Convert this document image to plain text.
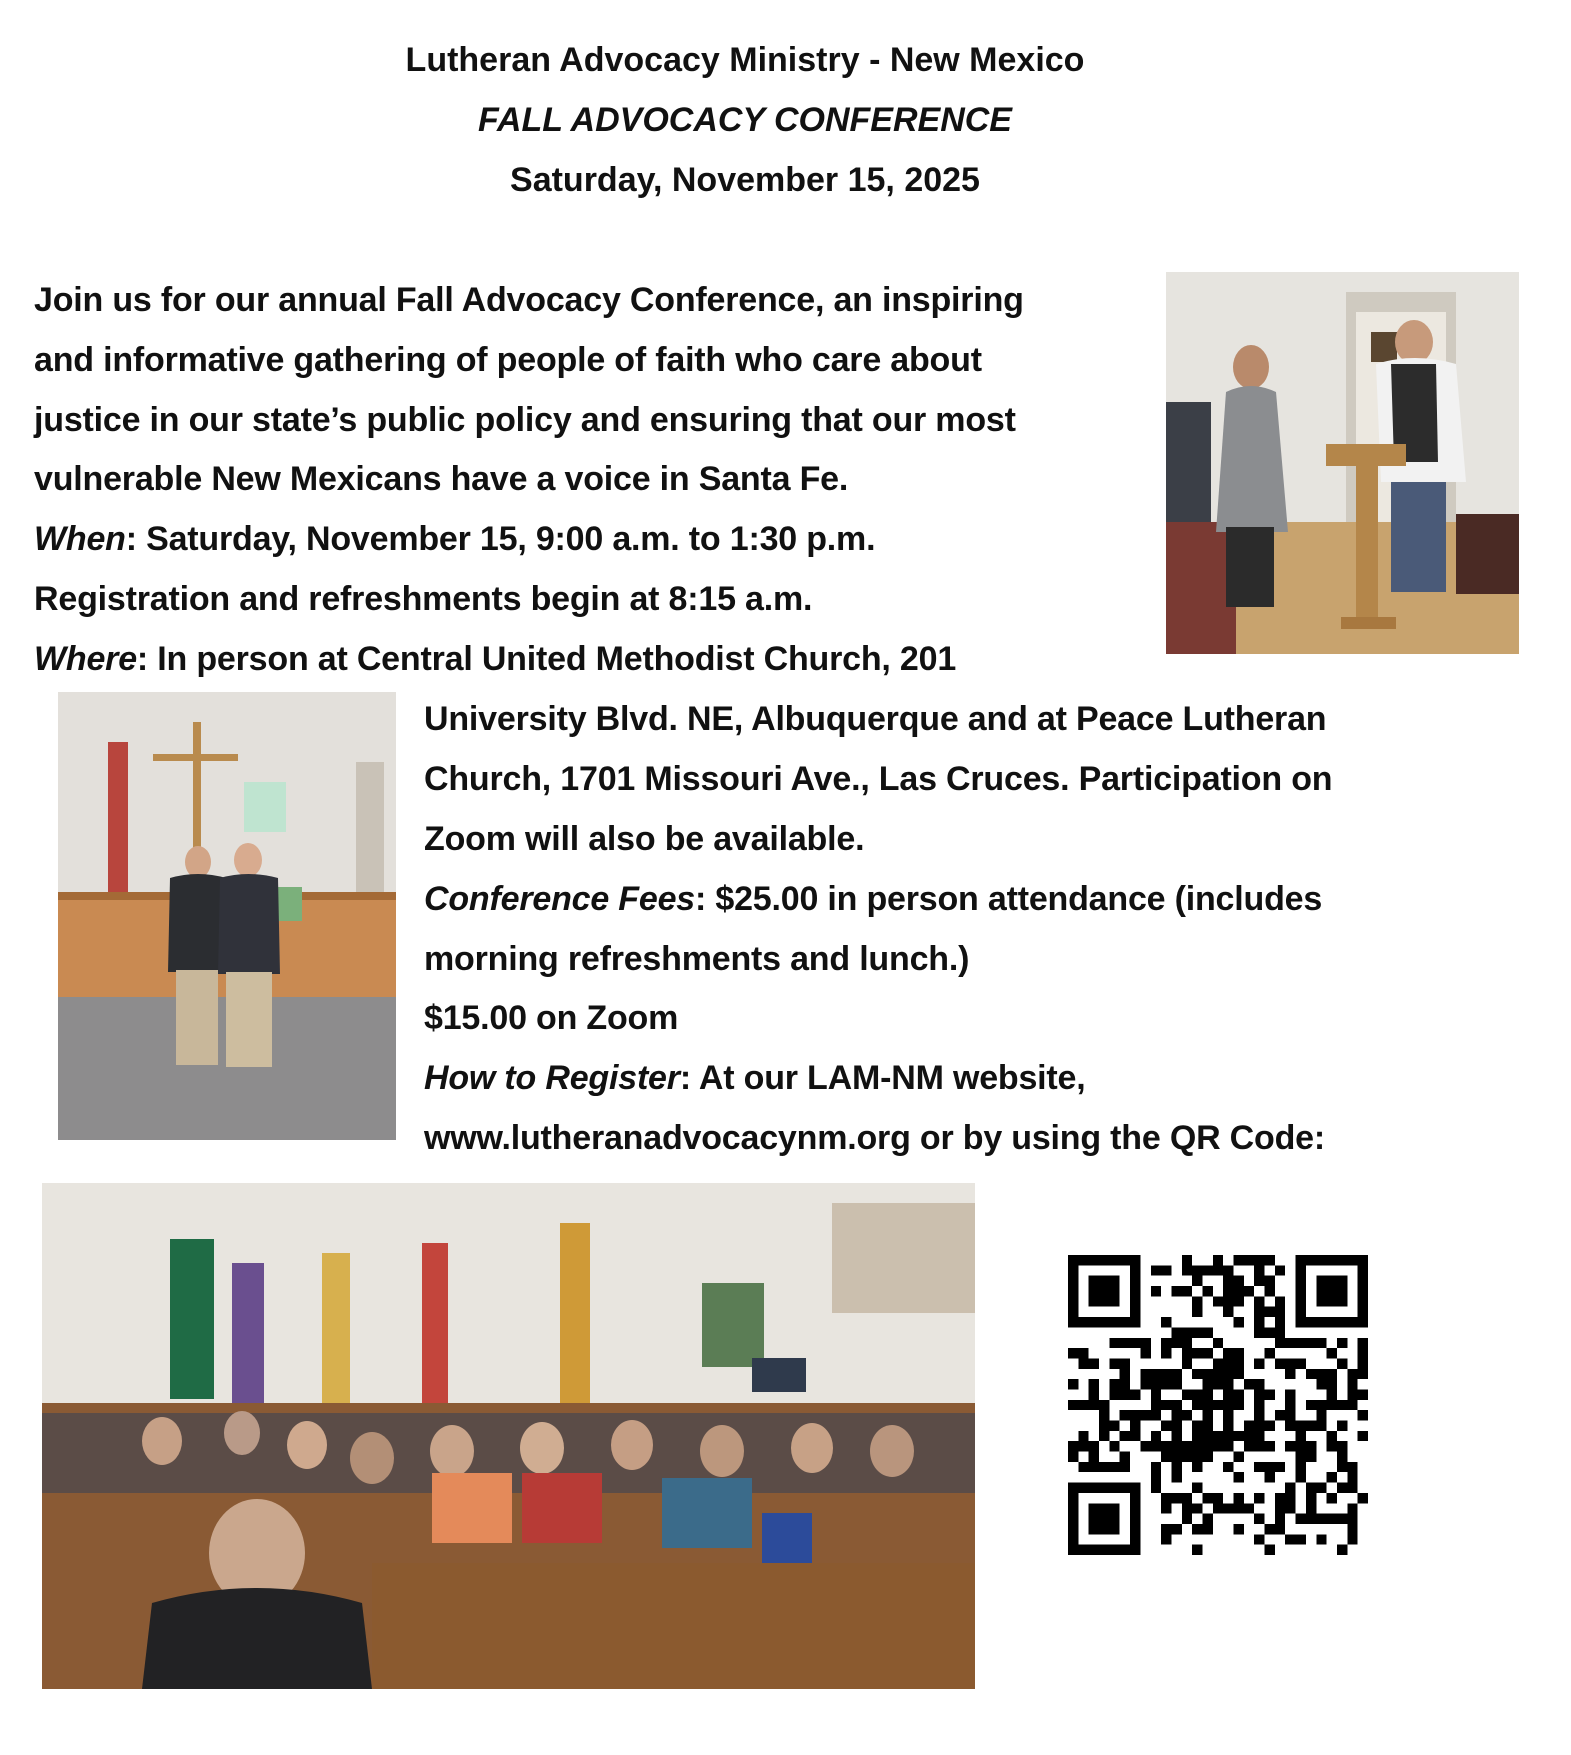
Lutheran Advocacy Ministry - New Mexico
FALL ADVOCACY CONFERENCE
Saturday, November 15, 2025
Join us for our annual Fall Advocacy Conference, an inspiring
and informative gathering of people of faith who care about
justice in our state’s public policy and ensuring that our most
vulnerable New Mexicans have a voice in Santa Fe.
When: Saturday, November 15, 9:00 a.m. to 1:30 p.m.
Registration and refreshments begin at 8:15 a.m.
Where: In person at Central United Methodist Church, 201
University Blvd. NE, Albuquerque and at Peace Lutheran
Church, 1701 Missouri Ave., Las Cruces. Participation on
Zoom will also be available.
Conference Fees: $25.00 in person attendance (includes
morning refreshments and lunch.)
$15.00 on Zoom
How to Register: At our LAM-NM website,
www.lutheranadvocacynm.org or by using the QR Code:
